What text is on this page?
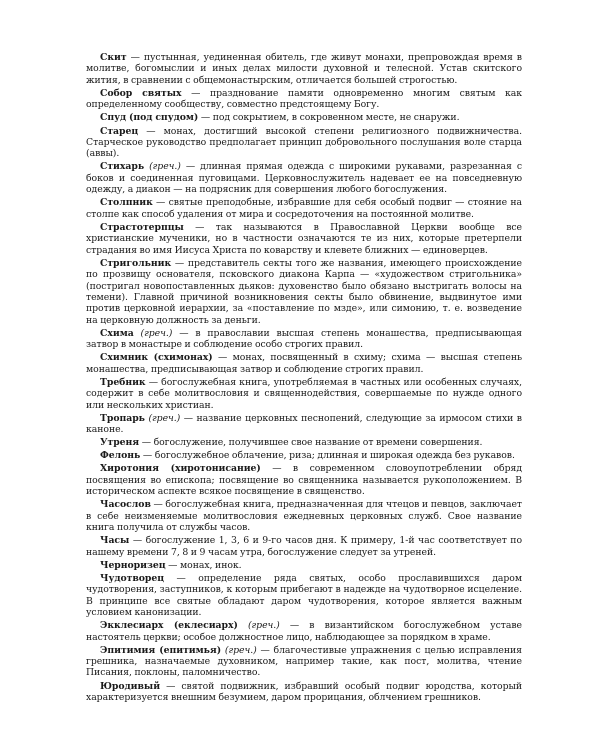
Скит — пустынная, уединенная обитель, где живут монахи, препровождая время в молитве, богомыслии и иных делах милости духовной и телесной. Устав скитского жития, в сравнении с общемонастырским, отличается большей строгостью.

Собор святых — празднование памяти одновременно многим святым как определенному сообществу, совместно предстоящему Богу.

Спуд (под спудом) — под сокрытием, в сокровенном месте, не снаружи.

Старец — монах, достигший высокой степени религиозного подвижничества. Старческое руководство предполагает принцип добровольного послушания воле старца (аввы).

Стихарь (греч.) — длинная прямая одежда с широкими рукавами, разрезанная с боков и соединенная пуговицами. Церковнослужитель надевает ее на повседневную одежду, а диакон — на подрясник для совершения любого богослужения.

Столпник — святые преподобные, избравшие для себя особый подвиг — стояние на столпе как способ удаления от мира и сосредоточения на постоянной молитве.

Страстотерпцы — так называются в Православной Церкви вообще все христианские мученики, но в частности означаются те из них, которые претерпели страдания во имя Иисуса Христа по коварству и клевете ближних — единоверцев.

Стригольник — представитель секты того же названия, имеющего происхождение по прозвищу основателя, псковского диакона Карпа — «художеством стригольника» (постригал новопоставленных дьяков: духовенство было обязано выстригать волосы на темени). Главной причиной возникновения секты было обвинение, выдвинутое ими против церковной иерархии, за «поставление по мзде», или симонию, т. е. возведение на церковную должность за деньги.

Схима (греч.) — в православии высшая степень монашества, предписывающая затвор в монастыре и соблюдение особо строгих правил.

Схимник (схимонах) — монах, посвященный в схиму; схима — высшая степень монашества, предписывающая затвор и соблюдение строгих правил.

Требник — богослужебная книга, употребляемая в частных или особенных случаях, содержит в себе молитвословия и священнодействия, совершаемые по нужде одного или нескольких христиан.

Тропарь (греч.) — название церковных песнопений, следующие за ирмосом стихи в каноне.

Утреня — богослужение, получившее свое название от времени совершения.

Фелонь — богослужебное облачение, риза; длинная и широкая одежда без рукавов.

Хиротония (хиротонисание) — в современном словоупотреблении обряд посвящения во епископа; посвящение во священника называется рукоположением. В историческом аспекте всякое посвящение в священство.

Часослов — богослужебная книга, предназначенная для чтецов и певцов, заключает в себе неизменяемые молитвословия ежедневных церковных служб. Свое название книга получила от службы часов.

Часы — богослужение 1, 3, 6 и 9-го часов дня. К примеру, 1-й час соответствует по нашему времени 7, 8 и 9 часам утра, богослужение следует за утреней.

Черноризец — монах, инок.

Чудотворец — определение ряда святых, особо прославившихся даром чудотворения, заступников, к которым прибегают в надежде на чудотворное исцеление. В принципе все святые обладают даром чудотворения, которое является важным условием канонизации.

Экклесиарх (еклесиарх) (греч.) — в византийском богослужебном уставе настоятель церкви; особое должностное лицо, наблюдающее за порядком в храме.

Эпитимия (епитимья) (греч.) — благочестивые упражнения с целью исправления грешника, назначаемые духовником, например такие, как пост, молитва, чтение Писания, поклоны, паломничество.

Юродивый — святой подвижник, избравший особый подвиг юродства, который характеризуется внешним безумием, даром прорицания, облчением грешников.
